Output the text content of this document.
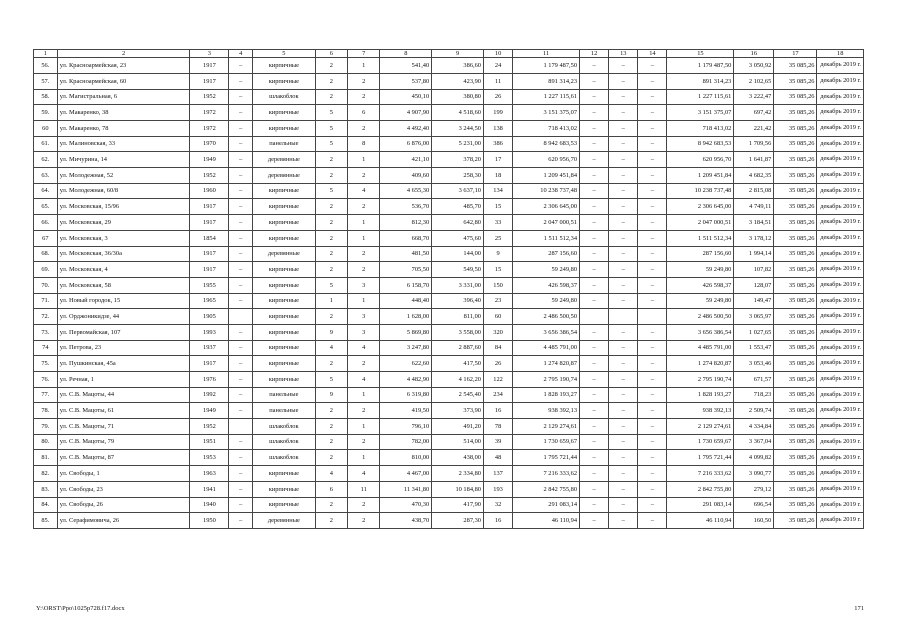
1	2	3	4	5	6	7	8	9	10	11	12	13	14	15	16	17	18
56.	ул. Красноармейская, 23	1917	–	кирпичные	2	1	541,40	386,60	24	1 179 487,50	–	–	–	1 179 487,50	3 050,92	35 085,26	декабрь 2019 г.
57.	ул. Красноармейская, 60	1917	–	кирпичные	2	2	537,80	423,90	11	891 314,23	–	–	–	891 314,23	2 102,65	35 085,26	декабрь 2019 г.
58.	ул. Магистральная, 6	1952	–	шлакоблок	2	2	450,10	380,80	26	1 227 115,61	–	–	–	1 227 115,61	3 222,47	35 085,26	декабрь 2019 г.
59.	ул. Макаренко, 38	1972	–	кирпичные	5	6	4 907,90	4 518,60	199	3 151 375,07	–	–	–	3 151 375,07	697,42	35 085,26	декабрь 2019 г.
60	ул. Макаренко, 78	1972	–	кирпичные	5	2	4 492,40	3 244,50	138	718 413,02	–	–	–	718 413,02	221,42	35 085,26	декабрь 2019 г.
61.	ул. Малиновская, 33	1970	–	панельные	5	8	6 876,00	5 231,00	386	8 942 683,53	–	–	–	8 942 683,53	1 709,56	35 085,26	декабрь 2019 г.
62.	ул. Мичурина, 14	1949	–	деревянные	2	1	421,10	378,20	17	620 956,70	–	–	–	620 956,70	1 641,87	35 085,26	декабрь 2019 г.
63.	ул. Молодежная, 52	1952	–	деревянные	2	2	409,60	258,30	18	1 209 451,84	–	–	–	1 209 451,84	4 682,35	35 085,26	декабрь 2019 г.
64.	ул. Молодежная, 60/8	1960	–	кирпичные	5	4	4 655,30	3 637,10	134	10 238 737,48	–	–	–	10 238 737,48	2 815,08	35 085,26	декабрь 2019 г.
65.	ул. Московская, 15/96	1917	–	кирпичные	2	2	536,70	485,70	15	2 306 645,00	–	–	–	2 306 645,00	4 749,11	35 085,26	декабрь 2019 г.
66.	ул. Московская, 29	1917	–	кирпичные	2	1	812,30	642,80	33	2 047 000,51	–	–	–	2 047 000,51	3 184,51	35 085,26	декабрь 2019 г.
67	ул. Московская, 3	1854	–	кирпичные	2	1	668,70	475,60	25	1 511 512,34	–	–	–	1 511 512,34	3 178,12	35 085,26	декабрь 2019 г.
68.	ул. Московская, 36/30а	1917	–	деревянные	2	2	481,50	144,00	9	287 156,60	–	–	–	287 156,60	1 994,14	35 085,26	декабрь 2019 г.
69.	ул. Московская, 4	1917	–	кирпичные	2	2	705,50	549,50	15	59 249,80	–	–	–	59 249,80	107,82	35 085,26	декабрь 2019 г.
70.	ул. Московская, 58	1955	–	кирпичные	5	3	6 158,70	3 331,00	150	426 598,37	–	–	–	426 598,37	128,07	35 085,26	декабрь 2019 г.
71.	ул. Новый городок, 15	1965	–	кирпичные	1	1	448,40	396,40	23	59 249,80	–	–	–	59 249,80	149,47	35 085,26	декабрь 2019 г.
72.	ул. Орджоникидзе, 44	1905		кирпичные	2	3	1 628,00	811,00	60	2 486 500,50				2 486 500,50	3 065,97	35 085,26	декабрь 2019 г.
73.	ул. Первомайская, 107	1993	–	кирпичные	9	3	5 869,80	3 558,00	320	3 656 386,54	–	–	–	3 656 386,54	1 027,65	35 085,26	декабрь 2019 г.
74	ул. Петрова, 23	1937	–	кирпичные	4	4	3 247,80	2 887,60	84	4 485 791,00	–	–	–	4 485 791,00	1 553,47	35 085,26	декабрь 2019 г.
75.	ул. Пушкинская, 45а	1917	–	кирпичные	2	2	622,60	417,50	26	1 274 820,87	–	–	–	1 274 820,87	3 053,46	35 085,26	декабрь 2019 г.
76.	ул. Речная, 1	1976	–	кирпичные	5	4	4 482,90	4 162,20	122	2 795 190,74	–	–	–	2 795 190,74	671,57	35 085,26	декабрь 2019 г.
77.	ул. С.В. Мацоты, 44	1992	–	панельные	9	1	6 319,80	2 545,40	234	1 828 193,27	–	–	–	1 828 193,27	718,23	35 085,26	декабрь 2019 г.
78.	ул. С.В. Мацоты, 61	1949	–	панельные	2	2	419,50	373,90	16	938 392,13	–	–	–	938 392,13	2 509,74	35 085,26	декабрь 2019 г.
79.	ул. С.В. Мацоты, 71	1952		шлакоблок	2	1	796,10	491,20	78	2 129 274,61	–	–	–	2 129 274,61	4 334,84	35 085,26	декабрь 2019 г.
80.	ул. С.В. Мацоты, 79	1951	–	шлакоблок	2	2	782,00	514,00	39	1 730 659,67	–	–	–	1 730 659,67	3 367,04	35 085,26	декабрь 2019 г.
81.	ул. С.В. Мацоты, 87	1953	–	шлакоблок	2	1	810,00	438,00	48	1 795 721,44	–	–	–	1 795 721,44	4 099,82	35 085,26	декабрь 2019 г.
82.	ул. Свободы, 1	1963	–	кирпичные	4	4	4 467,00	2 334,80	137	7 216 333,62	–	–	–	7 216 333,62	3 090,77	35 085,26	декабрь 2019 г.
83.	ул. Свободы, 23	1941	–	кирпичные	6	11	11 341,80	10 184,80	193	2 842 755,80	–	–	–	2 842 755,80	279,12	35 085,26	декабрь 2019 г.
84.	ул. Свободы, 26	1940	–	кирпичные	2	2	470,30	417,90	32	291 083,14	–	–	–	291 083,14	696,54	35 085,26	декабрь 2019 г.
85.	ул. Серафимовича, 26	1950	–	деревянные	2	2	438,70	287,30	16	46 110,94	–	–	–	46 110,94	160,50	35 085,26	декабрь 2019 г.
Y:\ORST\Ppo\1025p728.f17.docx	171
